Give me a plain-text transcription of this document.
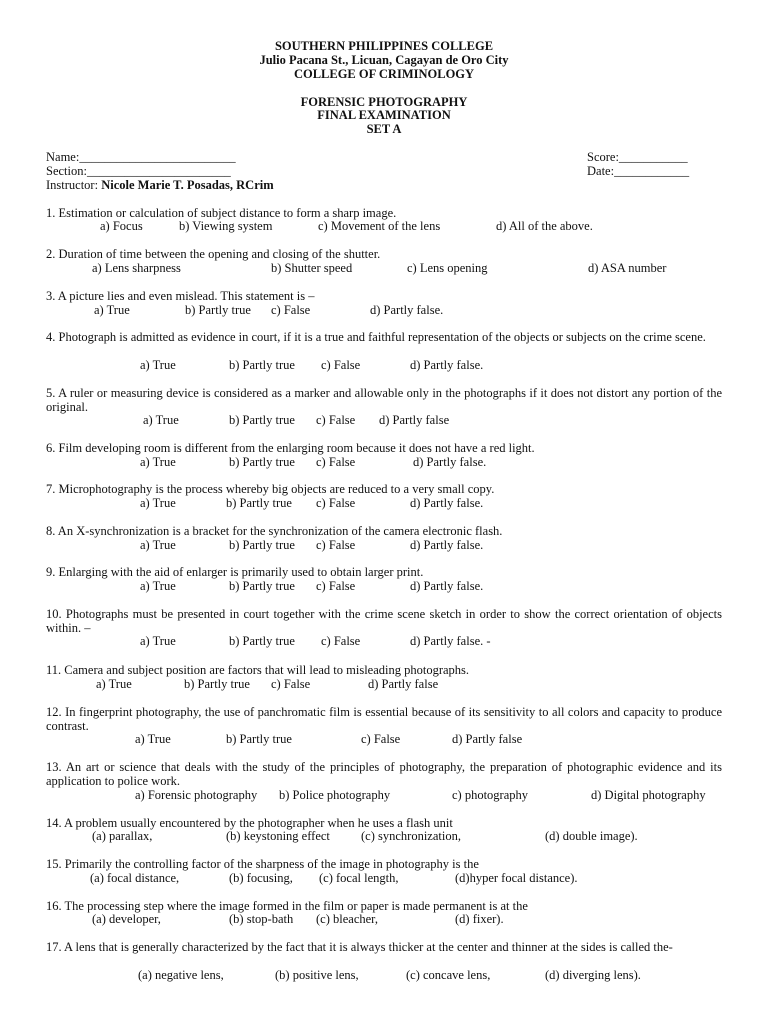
SOUTHERN PHILIPPINES COLLEGE
Julio Pacana St., Licuan, Cagayan de Oro City
COLLEGE OF CRIMINOLOGY
FORENSIC PHOTOGRAPHY
FINAL EXAMINATION
SET A
Name:_________________________	Score:___________
Section:_______________________	Date:____________
Instructor: Nicole Marie T. Posadas, RCrim
1. Estimation or calculation of subject distance to form a sharp image.
a) Focus	b) Viewing system	c) Movement of the lens	d) All of the above.
2. Duration of time between the opening and closing of the shutter.
a) Lens sharpness	b) Shutter speed	c) Lens opening	d) ASA number
3. A picture lies and even mislead. This statement is –
a) True	b) Partly true c) False	d) Partly false.
4. Photograph is admitted as evidence in court, if it is a true and faithful representation of the objects or subjects on the crime scene.
a) True	b) Partly true c) False	d) Partly false.
5. A ruler or measuring device is considered as a marker and allowable only in the photographs if it does not distort any portion of the original.
a) True	b) Partly true c) False d) Partly false
6. Film developing room is different from the enlarging room because it does not have a red light.
a) True	b) Partly true c) False	d) Partly false.
7. Microphotography is the process whereby big objects are reduced to a very small copy.
a) True	b) Partly true c) False	d) Partly false.
8. An X-synchronization is a bracket for the synchronization of the camera electronic flash.
a) True	b) Partly true c) False	d) Partly false.
9. Enlarging with the aid of enlarger is primarily used to obtain larger print.
a) True	b) Partly true c) False	d) Partly false.
10. Photographs must be presented in court together with the crime scene sketch in order to show the correct orientation of objects within. –
a) True	b) Partly true c) False	d) Partly false. -
11. Camera and subject position are factors that will lead to misleading photographs.
a) True	b) Partly true c) False	d) Partly false
12. In fingerprint photography, the use of panchromatic film is essential because of its sensitivity to all colors and capacity to produce contrast.
a) True	b) Partly true	c) False	d) Partly false
13. An art or science that deals with the study of the principles of photography, the preparation of photographic evidence and its application to police work.
a) Forensic photography b) Police photography	c) photography	d) Digital photography
14. A problem usually encountered by the photographer when he uses a flash unit
(a) parallax,	(b) keystoning effect (c) synchronization,	(d) double image).
15. Primarily the controlling factor of the sharpness of the image in photography is the
(a) focal distance,	(b) focusing, (c) focal length,	(d)hyper focal distance).
16. The processing step where the image formed in the film or paper is made permanent is at the
(a) developer,	(b) stop-bath (c) bleacher,	(d) fixer).
17. A lens that is generally characterized by the fact that it is always thicker at the center and thinner at the sides is called the-
(a) negative lens,	(b) positive lens,	(c) concave lens,	(d) diverging lens).
